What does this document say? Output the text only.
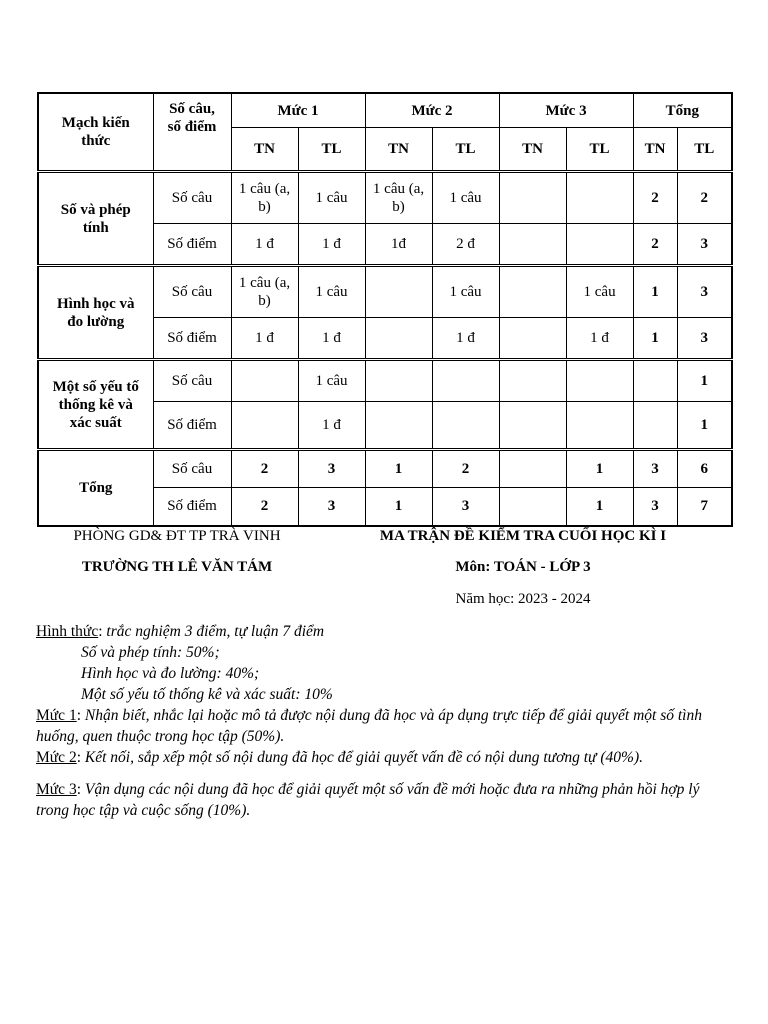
Mạch kiến thức	Số câu, số điểm	Mức 1		Mức 2		Mức 3		Tổng	
		TN	TL	TN	TL	TN	TL	TN	TL
Số và phép tính	Số câu	1 câu (a, b)	1 câu	1 câu (a, b)	1 câu			2	2
	Số điểm	1 đ	1 đ	1đ	2 đ			2	3
Hình học và đo lường	Số câu	1 câu (a, b)	1 câu		1 câu		1 câu	1	3
	Số điểm	1 đ	1 đ		1 đ		1 đ	1	3
Một số yếu tố thống kê và xác suất	Số câu		1 câu						1
	Số điểm		1 đ						1
Tổng	Số câu	2	3	1	2		1	3	6
	Số điểm	2	3	1	3		1	3	7
PHÒNG GD& ĐT TP TRÀ VINH
TRƯỜNG TH LÊ VĂN TÁM
MA TRẬN ĐỀ KIỂM TRA CUỐI HỌC KÌ I
Môn: TOÁN - LỚP 3
Năm học: 2023 - 2024

Hình thức: trắc nghiệm 3 điểm, tự luận 7 điểm

Số và phép tính: 50%;

Hình học và đo lường: 40%;

Một số yếu tố thống kê và xác suất: 10%

Mức 1: Nhận biết, nhắc lại hoặc mô tả được nội dung đã học và áp dụng trực tiếp để giải quyết một số tình huống, quen thuộc trong học tập (50%).

Mức 2: Kết nối, sắp xếp một số nội dung đã học để giải quyết vấn đề có nội dung tương tự (40%).

Mức 3: Vận dụng các nội dung đã học để giải quyết một số vấn đề mới hoặc đưa ra những phản hồi hợp lý trong học tập và cuộc sống (10%).
